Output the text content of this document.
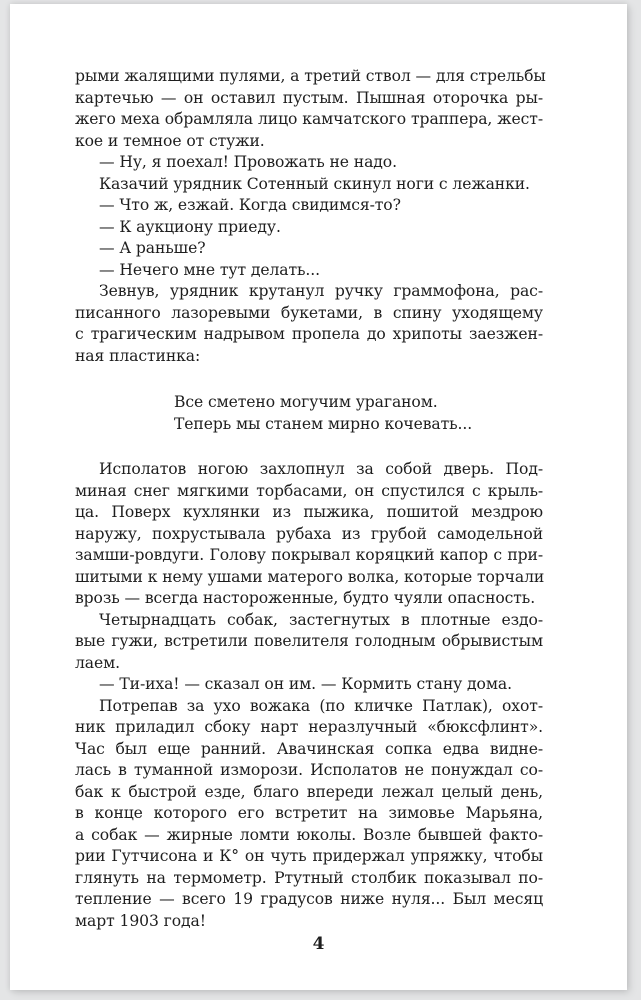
рыми жалящими пулями, а третий ствол — для стрельбы
картечью — он оставил пустым. Пышная оторочка ры-
жего меха обрамляла лицо камчатского траппера, жест-
кое и темное от стужи.
— Ну, я поехал! Провожать не надо.
Казачий урядник Сотенный скинул ноги с лежанки.
— Что ж, езжай. Когда свидимся-то?
— К аукциону приеду.
— А раньше?
— Нечего мне тут делать...
Зевнув, урядник крутанул ручку граммофона, рас-
писанного лазоревыми букетами, в спину уходящему
с трагическим надрывом пропела до хрипоты заезжен-
ная пластинка:
Все сметено могучим ураганом.
Теперь мы станем мирно кочевать...
Исполатов ногою захлопнул за собой дверь. Под-
миная снег мягкими торбасами, он спустился с крыль-
ца. Поверх кухлянки из пыжика, пошитой мездрою
наружу, похрустывала рубаха из грубой самодельной
замши-ровдуги. Голову покрывал коряцкий капор с при-
шитыми к нему ушами матерого волка, которые торчали
врозь — всегда настороженные, будто чуяли опасность.
Четырнадцать собак, застегнутых в плотные ездо-
вые гужи, встретили повелителя голодным обрывистым
лаем.
— Ти-иха! — сказал он им. — Кормить стану дома.
Потрепав за ухо вожака (по кличке Патлак), охот-
ник приладил сбоку нарт неразлучный «бюксфлинт».
Час был еще ранний. Авачинская сопка едва видне-
лась в туманной изморози. Исполатов не понуждал со-
бак к быстрой езде, благо впереди лежал целый день,
в конце которого его встретит на зимовье Марьяна,
а собак — жирные ломти юколы. Возле бывшей факто-
рии Гутчисона и К° он чуть придержал упряжку, чтобы
глянуть на термометр. Ртутный столбик показывал по-
тепление — всего 19 градусов ниже нуля... Был месяц
март 1903 года!
4
